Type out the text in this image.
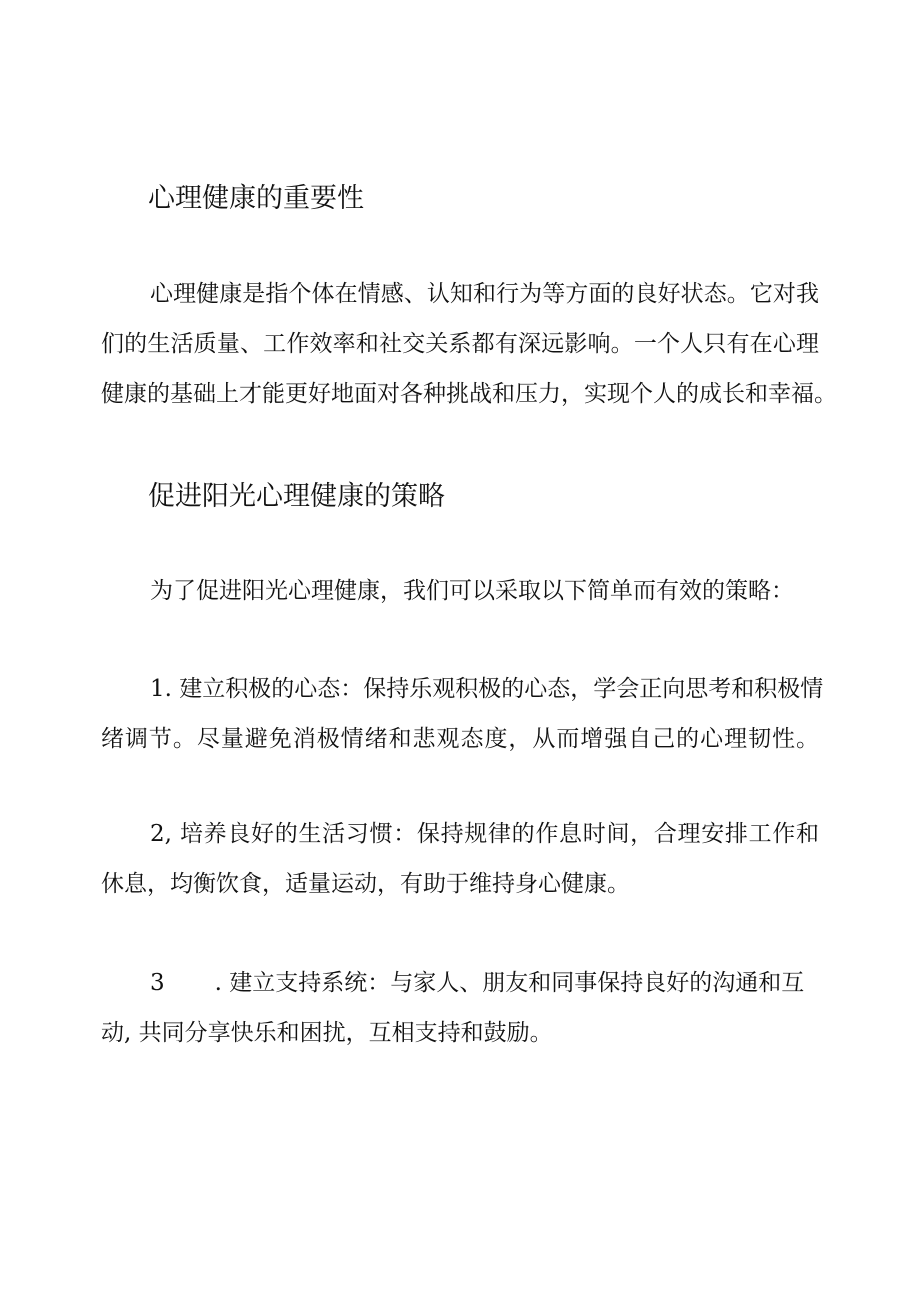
心理健康的重要性

心理健康是指个体在情感、认知和行为等方面的良好状态。它对我
们的生活质量、工作效率和社交关系都有深远影响。一个人只有在心理
健康的基础上才能更好地面对各种挑战和压力，实现个人的成长和幸福。

促进阳光心理健康的策略

为了促进阳光心理健康，我们可以采取以下简单而有效的策略：

1. 建立积极的心态：保持乐观积极的心态，学会正向思考和积极情
绪调节。尽量避免消极情绪和悲观态度，从而增强自己的心理韧性。

2, 培养良好的生活习惯：保持规律的作息时间，合理安排工作和
休息，均衡饮食，适量运动，有助于维持身心健康。

3 . 建立支持系统：与家人、朋友和同事保持良好的沟通和互
动, 共同分享快乐和困扰，互相支持和鼓励。
